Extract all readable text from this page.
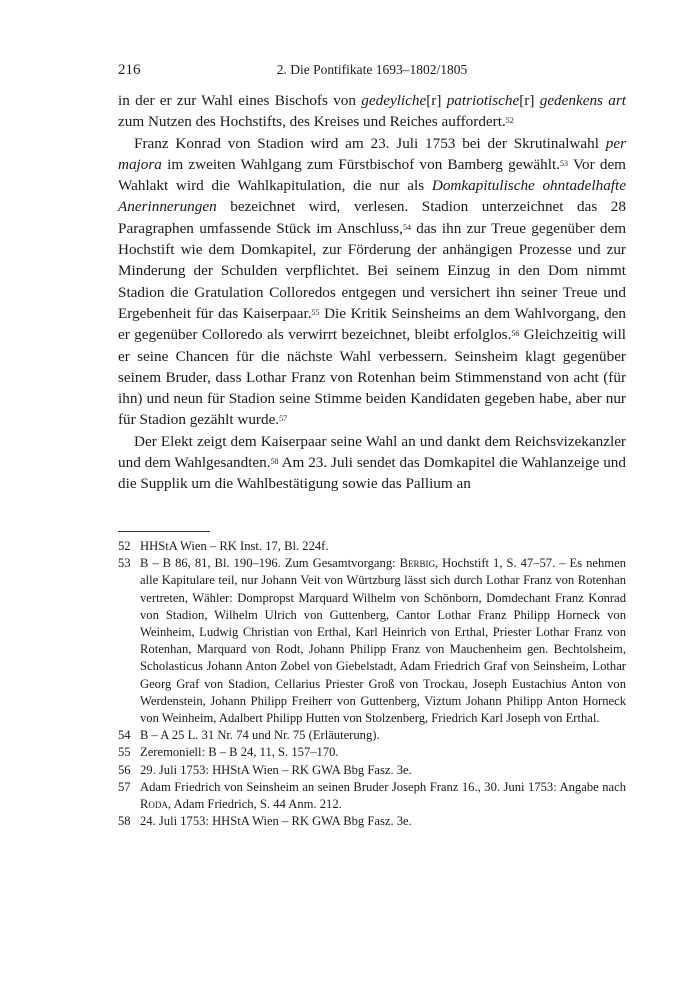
216	2. Die Pontifikate 1693–1802/1805

in der er zur Wahl eines Bischofs von gedeyliche[r] patriotische[r] gedenkens art zum Nutzen des Hochstifts, des Kreises und Reiches auffordert.$^{52}$

Franz Konrad von Stadion wird am 23. Juli 1753 bei der Skrutinalwahl per majora im zweiten Wahlgang zum Fürstbischof von Bamberg gewählt.$^{53}$ Vor dem Wahlakt wird die Wahlkapitulation, die nur als Domkapitulische ohntadelhafte Anerinnerungen bezeichnet wird, verlesen. Stadion unterzeichnet das 28 Paragraphen umfassende Stück im Anschluss,$^{54}$ das ihn zur Treue gegenüber dem Hochstift wie dem Domkapitel, zur Förderung der anhängigen Prozesse und zur Minderung der Schulden verpflichtet. Bei seinem Einzug in den Dom nimmt Stadion die Gratulation Colloredos entgegen und versichert ihn seiner Treue und Ergebenheit für das Kaiserpaar.$^{55}$ Die Kritik Seinsheims an dem Wahlvorgang, den er gegenüber Colloredo als verwirrt bezeichnet, bleibt erfolglos.$^{56}$ Gleichzeitig will er seine Chancen für die nächste Wahl verbessern. Seinsheim klagt gegenüber seinem Bruder, dass Lothar Franz von Rotenhan beim Stimmenstand von acht (für ihn) und neun für Stadion seine Stimme beiden Kandidaten gegeben habe, aber nur für Stadion gezählt wurde.$^{57}$

Der Elekt zeigt dem Kaiserpaar seine Wahl an und dankt dem Reichsvizekanzler und dem Wahlgesandten.$^{58}$ Am 23. Juli sendet das Domkapitel die Wahlanzeige und die Supplik um die Wahlbestätigung sowie das Pallium an

52 HHStA Wien – RK Inst. 17, Bl. 224f.
53 B – B 86, 81, Bl. 190–196. Zum Gesamtvorgang: Berbig, Hochstift 1, S. 47–57. – Es nehmen alle Kapitulare teil, nur Johann Veit von Würtzburg lässt sich durch Lothar Franz von Rotenhan vertreten, Wähler: Dompropst Marquard Wilhelm von Schönborn, Domdechant Franz Konrad von Stadion, Wilhelm Ulrich von Guttenberg, Cantor Lothar Franz Philipp Horneck von Weinheim, Ludwig Christian von Erthal, Karl Heinrich von Erthal, Priester Lothar Franz von Rotenhan, Marquard von Rodt, Johann Philipp Franz von Mauchenheim gen. Bechtolsheim, Scholasticus Johann Anton Zobel von Giebelstadt, Adam Friedrich Graf von Seinsheim, Lothar Georg Graf von Stadion, Cellarius Priester Groß von Trockau, Joseph Eustachius Anton von Werdenstein, Johann Philipp Freiherr von Guttenberg, Viztum Johann Philipp Anton Horneck von Weinheim, Adalbert Philipp Hutten von Stolzenberg, Friedrich Karl Joseph von Erthal.
54 B – A 25 L. 31 Nr. 74 und Nr. 75 (Erläuterung).
55 Zeremoniell: B – B 24, 11, S. 157–170.
56 29. Juli 1753: HHStA Wien – RK GWA Bbg Fasz. 3e.
57 Adam Friedrich von Seinsheim an seinen Bruder Joseph Franz 16., 30. Juni 1753: Angabe nach Roda, Adam Friedrich, S. 44 Anm. 212.
58 24. Juli 1753: HHStA Wien – RK GWA Bbg Fasz. 3e.
